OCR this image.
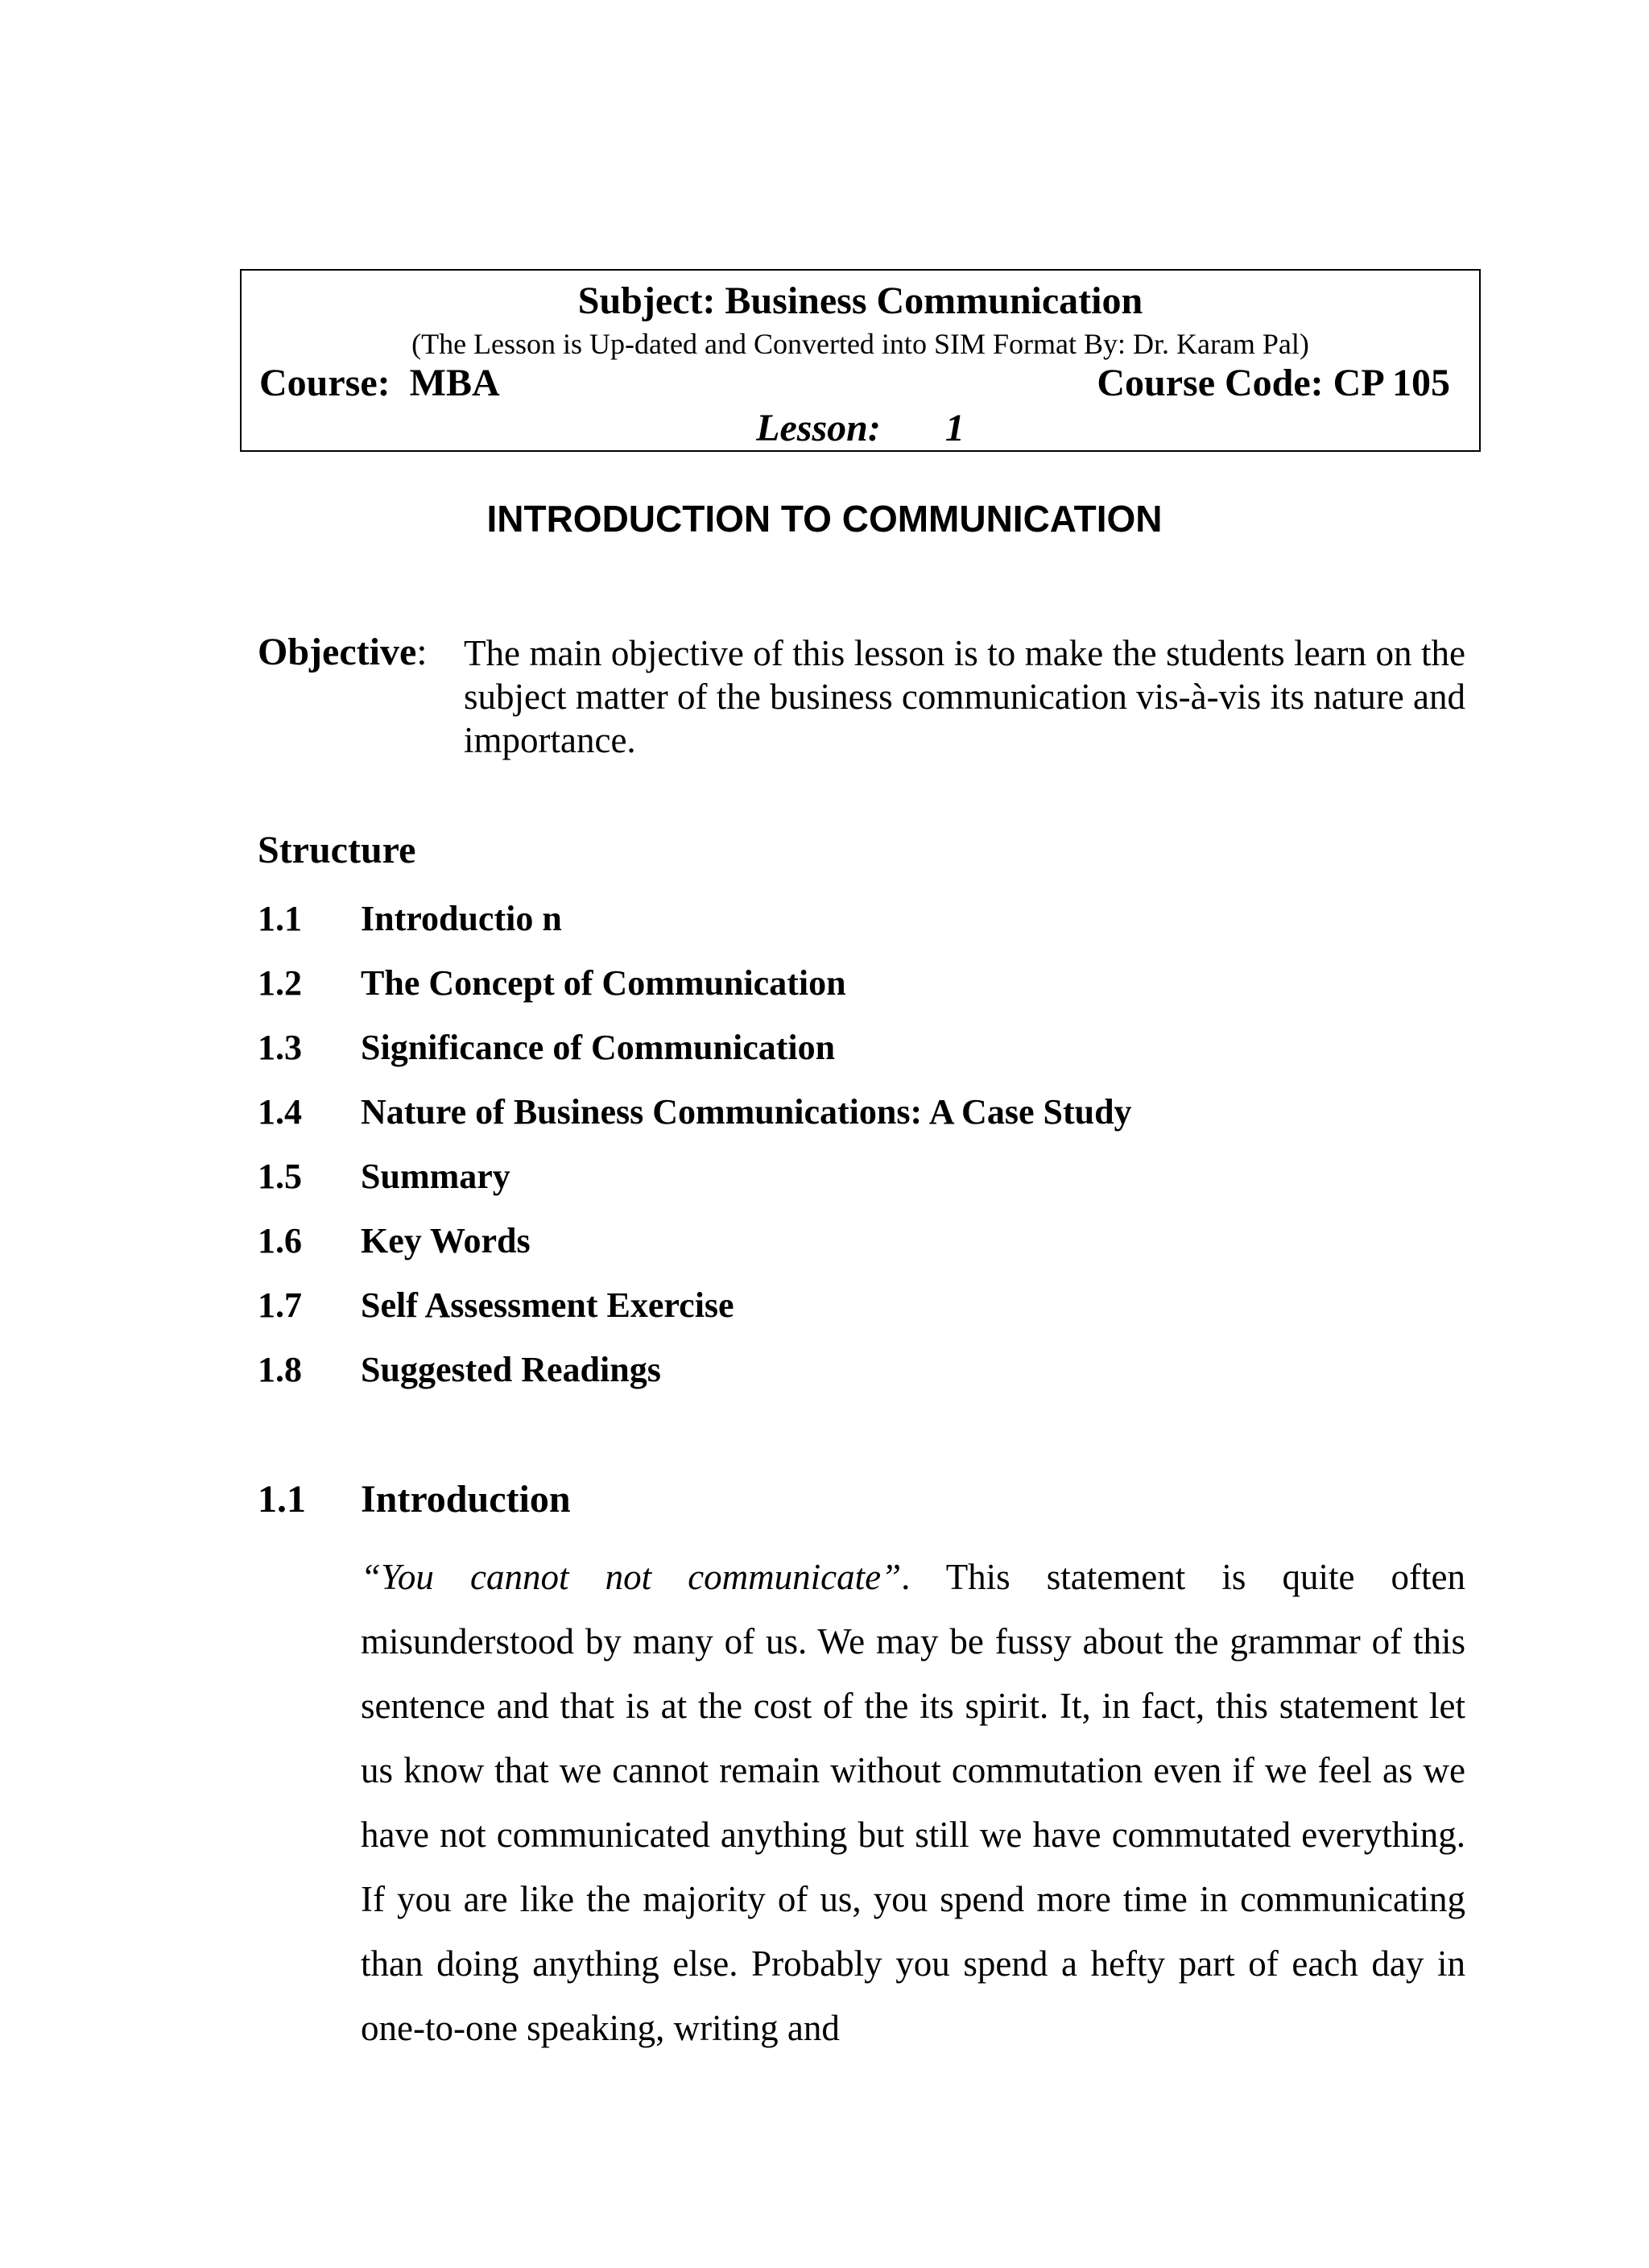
Subject: Business Communication
(The Lesson is Up-dated and Converted into SIM Format By: Dr. Karam Pal)
Course:  MBA	Course Code: CP 105
Lesson: 1
INTRODUCTION TO COMMUNICATION
Objective: The main objective of this lesson is to make the students learn on the subject matter of the business communication vis-à-vis its nature and importance.
Structure
1.1 Introductio n
1.2 The Concept of Communication
1.3 Significance of Communication
1.4 Nature of Business Communications: A Case Study
1.5 Summary
1.6 Key Words
1.7 Self Assessment Exercise
1.8 Suggested Readings
1.1 Introduction
“You cannot not communicate”. This statement is quite often misunderstood by many of us. We may be fussy about the grammar of this sentence and that is at the cost of the its spirit. It, in fact, this statement let us know that we cannot remain without commutation even if we feel as we have not communicated anything but still we have commutated everything. If you are like the majority of us, you spend more time in communicating than doing anything else. Probably you spend a hefty part of each day in one-to-one speaking, writing and
